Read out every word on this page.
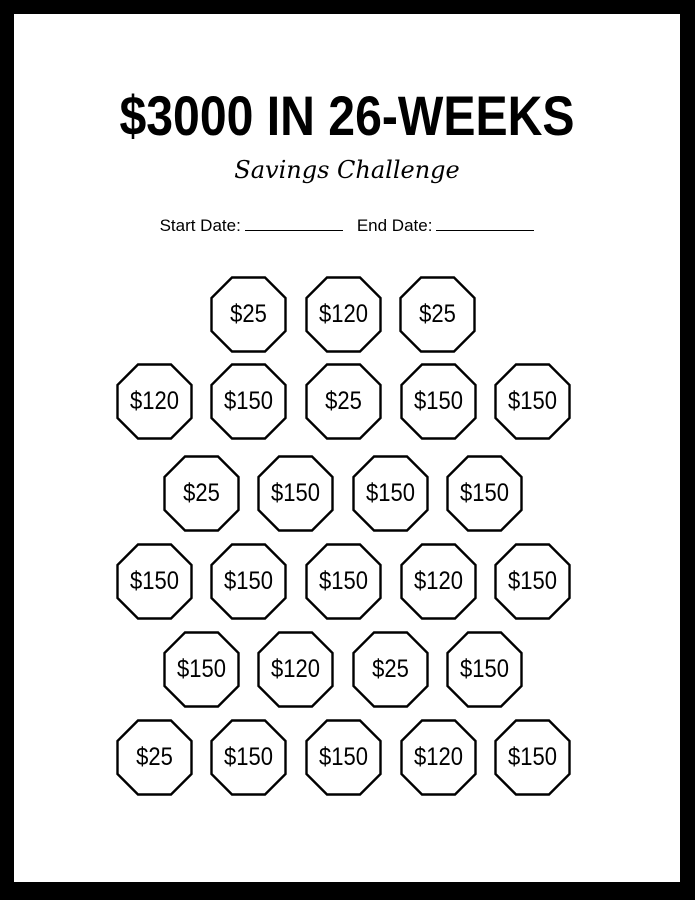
$3000 IN 26-WEEKS
Savings Challenge
Start Date:	End Date:
$25	$120	$25
$120	$150	$25	$150	$150
$25	$150	$150	$150
$150	$150	$150	$120	$150
$150	$120	$25	$150
$25	$150	$150	$120	$150
